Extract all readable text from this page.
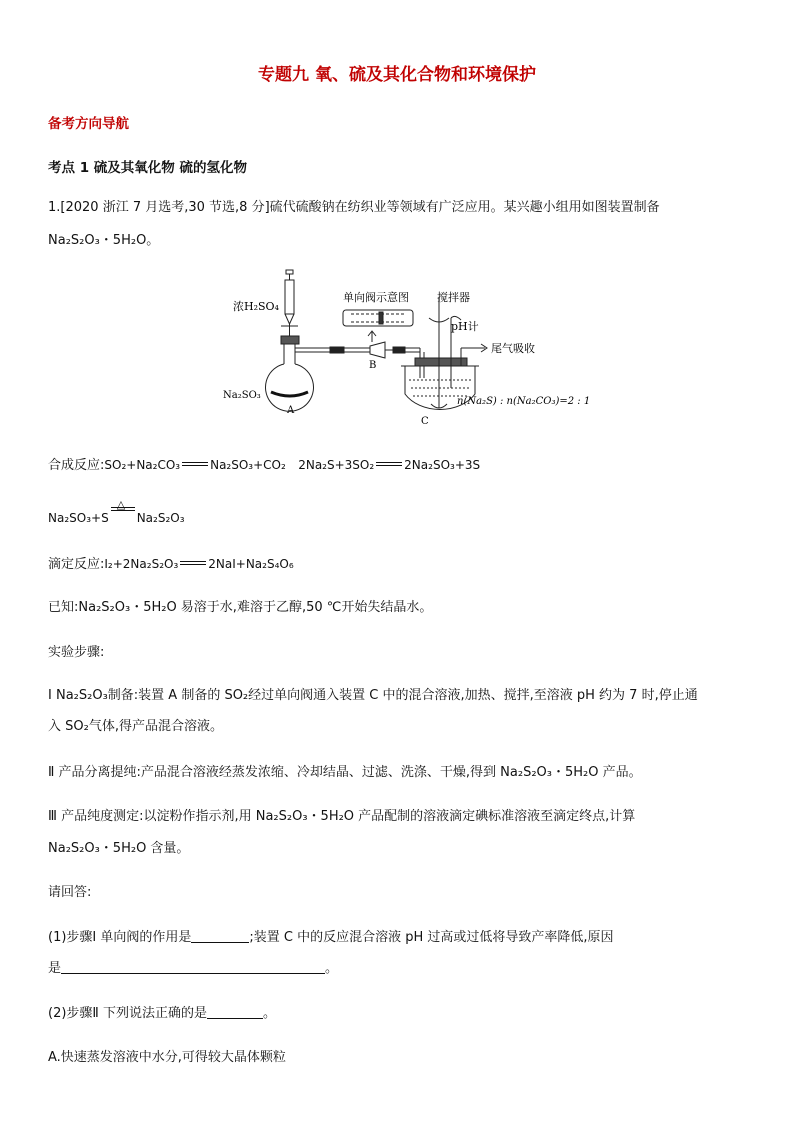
专题九 氧、硫及其化合物和环境保护
备考方向导航
考点 1 硫及其氧化物 硫的氢化物
1.[2020 浙江 7 月选考,30 节选,8 分]硫代硫酸钠在纺织业等领域有广泛应用。某兴趣小组用如图装置制备
Na₂S₂O₃・5H₂O。
浓H₂SO₄
Na₂SO₃
A
B
C
单向阀示意图	搅拌器
pH计
尾气吸收
n(Na₂S) : n(Na₂CO₃)=2 : 1
合成反应:SO₂+Na₂CO₃	Na₂SO₃+CO₂ 2Na₂S+3SO₂	2Na₂SO₃+3S
Na₂SO₃+S
△
Na₂S₂O₃
滴定反应:I₂+2Na₂S₂O₃	2NaI+Na₂S₄O₆
已知:Na₂S₂O₃・5H₂O 易溶于水,难溶于乙醇,50 ℃开始失结晶水。
实验步骤:
Ⅰ Na₂S₂O₃制备:装置 A 制备的 SO₂经过单向阀通入装置 C 中的混合溶液,加热、搅拌,至溶液 pH 约为 7 时,停止通
入 SO₂气体,得产品混合溶液。
Ⅱ 产品分离提纯:产品混合溶液经蒸发浓缩、冷却结晶、过滤、洗涤、干燥,得到 Na₂S₂O₃・5H₂O 产品。
Ⅲ 产品纯度测定:以淀粉作指示剂,用 Na₂S₂O₃・5H₂O 产品配制的溶液滴定碘标准溶液至滴定终点,计算
Na₂S₂O₃・5H₂O 含量。
请回答:
(1)步骤Ⅰ 单向阀的作用是	;装置 C 中的反应混合溶液 pH 过高或过低将导致产率降低,原因
是	。
(2)步骤Ⅱ 下列说法正确的是	。
A.快速蒸发溶液中水分,可得较大晶体颗粒
